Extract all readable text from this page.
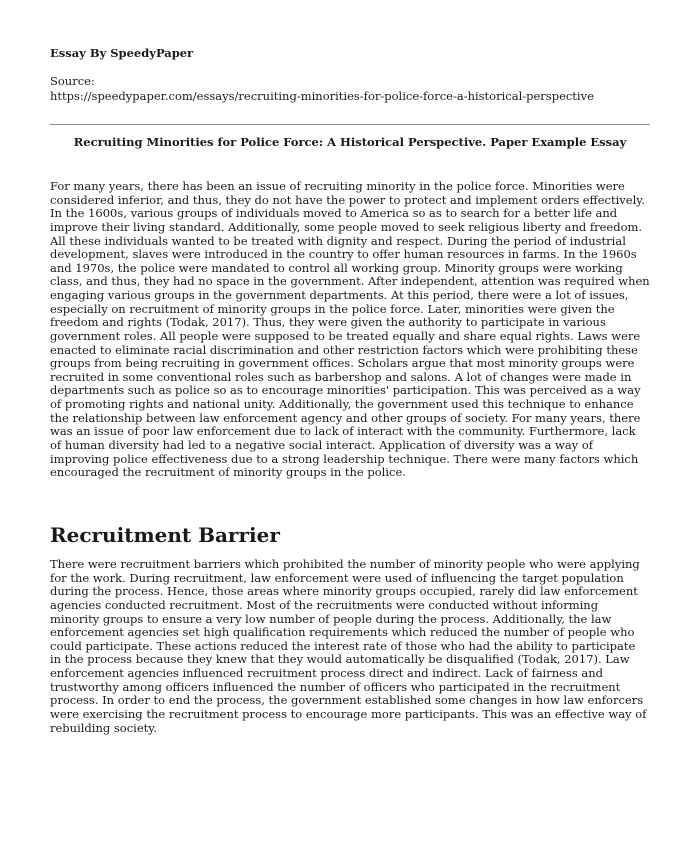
Essay By SpeedyPaper
Source:
https://speedypaper.com/essays/recruiting-minorities-for-police-force-a-historical-perspective
Recruiting Minorities for Police Force: A Historical Perspective. Paper Example Essay

For many years, there has been an issue of recruiting minority in the police force. Minorities were considered inferior, and thus, they do not have the power to protect and implement orders effectively. In the 1600s, various groups of individuals moved to America so as to search for a better life and improve their living standard. Additionally, some people moved to seek religious liberty and freedom. All these individuals wanted to be treated with dignity and respect. During the period of industrial development, slaves were introduced in the country to offer human resources in farms. In the 1960s and 1970s, the police were mandated to control all working group. Minority groups were working class, and thus, they had no space in the government. After independent, attention was required when engaging various groups in the government departments. At this period, there were a lot of issues, especially on recruitment of minority groups in the police force. Later, minorities were given the freedom and rights (Todak, 2017). Thus, they were given the authority to participate in various government roles. All people were supposed to be treated equally and share equal rights. Laws were enacted to eliminate racial discrimination and other restriction factors which were prohibiting these groups from being recruiting in government offices. Scholars argue that most minority groups were recruited in some conventional roles such as barbershop and salons. A lot of changes were made in departments such as police so as to encourage minorities' participation. This was perceived as a way of promoting rights and national unity. Additionally, the government used this technique to enhance the relationship between law enforcement agency and other groups of society. For many years, there was an issue of poor law enforcement due to lack of interact with the community. Furthermore, lack of human diversity had led to a negative social interact. Application of diversity was a way of improving police effectiveness due to a strong leadership technique. There were many factors which encouraged the recruitment of minority groups in the police.

Recruitment Barrier

There were recruitment barriers which prohibited the number of minority people who were applying for the work. During recruitment, law enforcement were used of influencing the target population during the process. Hence, those areas where minority groups occupied, rarely did law enforcement agencies conducted recruitment. Most of the recruitments were conducted without informing minority groups to ensure a very low number of people during the process. Additionally, the law enforcement agencies set high qualification requirements which reduced the number of people who could participate. These actions reduced the interest rate of those who had the ability to participate in the process because they knew that they would automatically be disqualified (Todak, 2017). Law enforcement agencies influenced recruitment process direct and indirect. Lack of fairness and trustworthy among officers influenced the number of officers who participated in the recruitment process. In order to end the process, the government established some changes in how law enforcers were exercising the recruitment process to encourage more participants. This was an effective way of rebuilding society.
